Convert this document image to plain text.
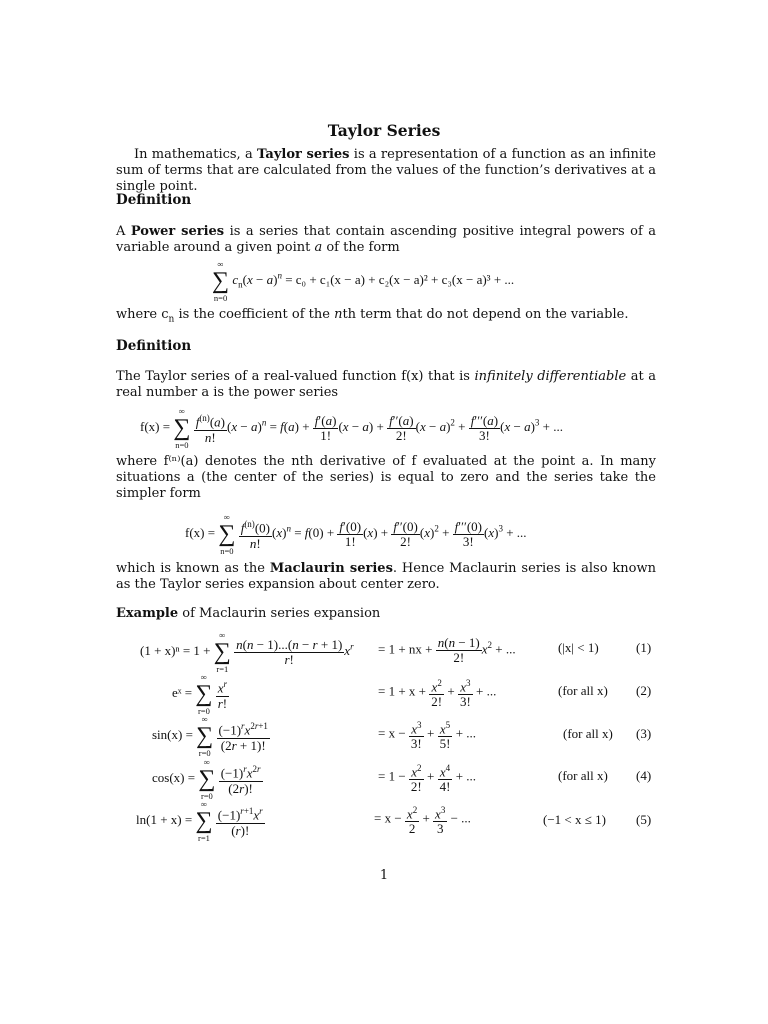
Taylor Series
In mathematics, a Taylor series is a representation of a function as an infinite sum of terms that are calculated from the values of the function’s derivatives at a single point.
Definition
A Power series is a series that contain ascending positive integral powers of a variable around a given point a of the form
∞
∑
n=0
$c_n(x - a)^n = c_0 + c_1(x - a) + c_2(x - a)^2 + c_3(x - a)^3$ + ...
where $c_n$ is the coefficient of the nth term that do not depend on the variable.
Definition
The Taylor series of a real-valued function f(x) that is infinitely differentiable at a real number a is the power series
f(x) =
∞
∑
n=0

$\frac{f^{(n)}(a)}{n!} (x - a)^n = f(a) + \frac{f'(a)}{1!} (x - a) + \frac{f''(a)}{2!} (x - a)^2 + \frac{f'''(a)}{3!} (x - a)^3$ + ...
where f⁽ⁿ⁾(a) denotes the nth derivative of f evaluated at the point a. In many situations a (the center of the series) is equal to zero and the series take the simpler form
f(x) =
∞
∑
n=0

$\frac{f^{(n)}(0)}{n!} (x)^n = f(0) + \frac{f'(0)}{1!} (x) + \frac{f''(0)}{2!} (x)^2 + \frac{f'''(0)}{3!} (x)^3$ + ...
which is known as the Maclaurin series. Hence Maclaurin series is also known as the Taylor series expansion about center zero.
Example of Maclaurin series expansion
(1 + x)ⁿ = 1 +
∞
∑
r=1

$\frac{n(n - 1)...(n - r + 1)}{r!} x^r = 1$ + nx + $\frac{n(n - 1)}{2!} x^2$ + ...	(|x| < 1)	(1)
eˣ =
∞
∑
r=0

$\frac{x^r}{r!}$	= $1 + x + \frac{x^2}{2!} + \frac{x^3}{3!}$ + ...	(for all x) (2)
sin(x) =
∞
∑
r=0

$\frac{(-1)^rx^{2r+1}}{(2r + 1)!}$	= $x - \frac{x^3}{3!} + \frac{x^5}{5!}$ + ...	(for all x) (3)
cos(x) =
∞
∑
r=0

$\frac{(-1)^rx^{2r}}{(2r)!}$	= $1 - \frac{x^2}{2!} + \frac{x^4}{4!}$ + ...	(for all x) (4)
ln(1 + x) =
∞
∑
r=1

$\frac{(-1)^{r+1}x^r}{(r)!}$	= $x - \frac{x^2}{2} + \frac{x^3}{3}$ − ...	(−1 < x ≤ 1) (5)
1
